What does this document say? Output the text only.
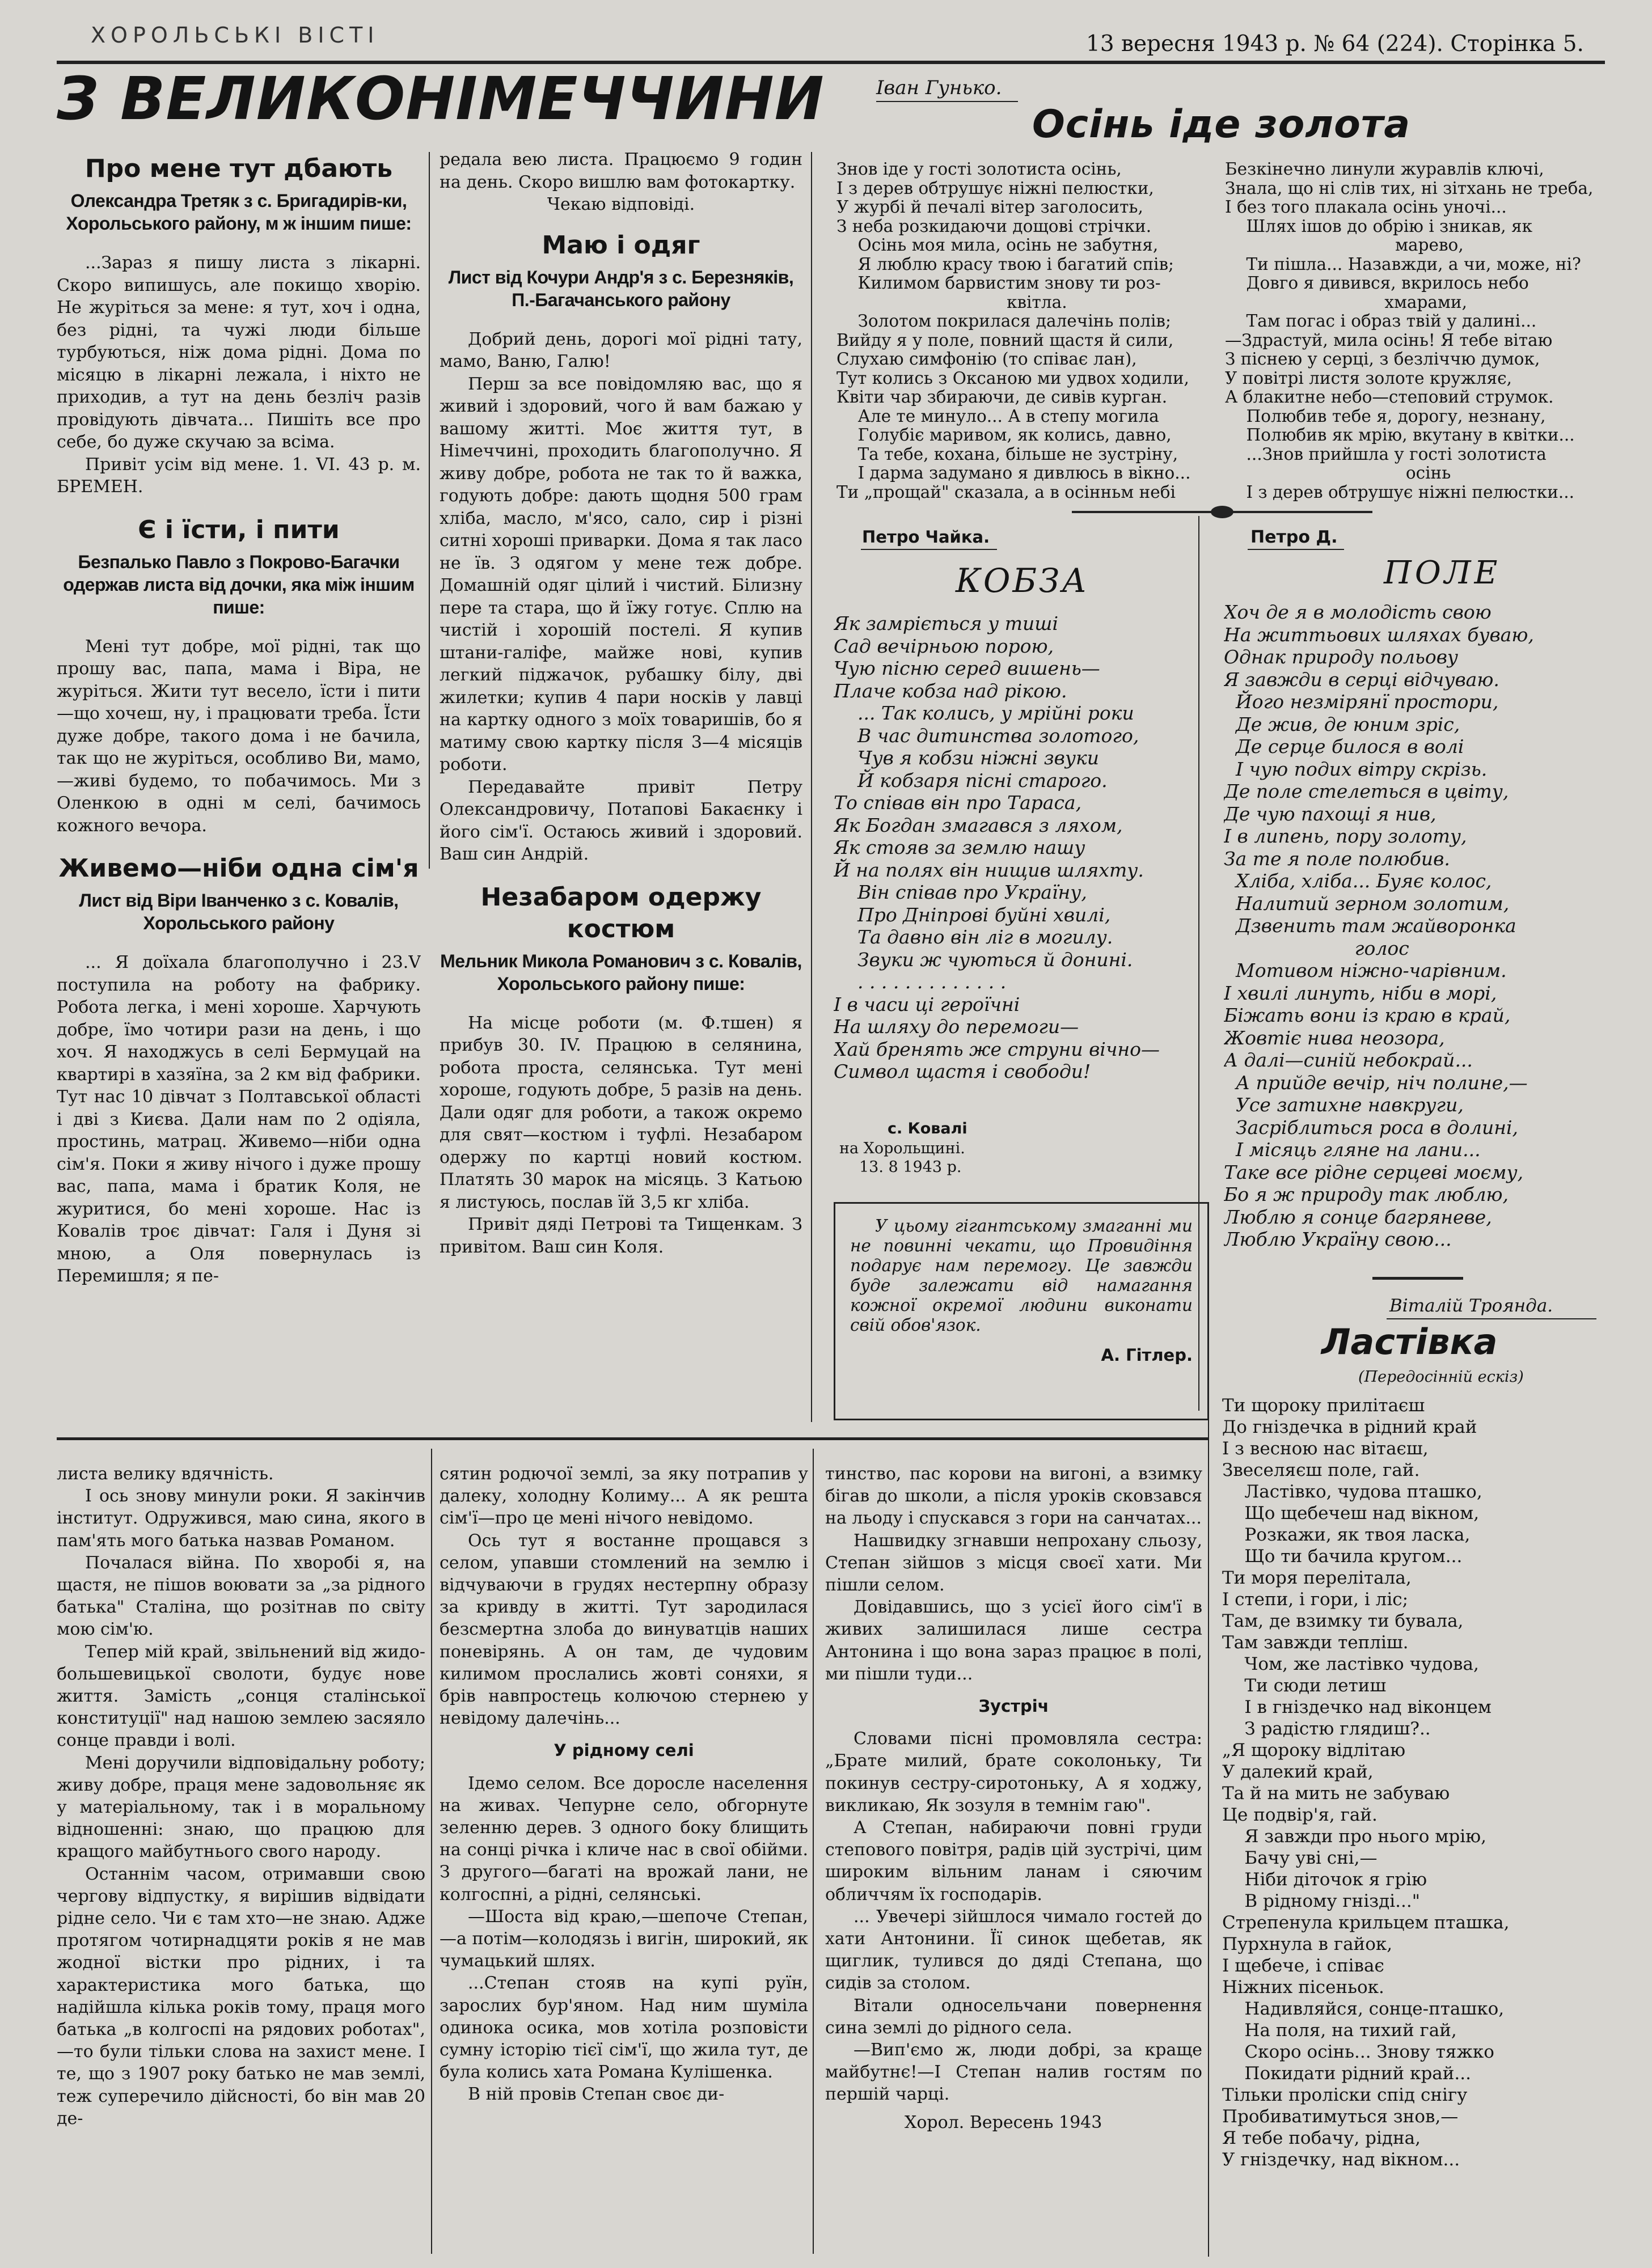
ХОРОЛЬСЬКІ ВІСТІ	13 вересня 1943 р. № 64 (224). Сторінка 5.
З ВЕЛИКОНІМЕЧЧИНИ
Про мене тут дбають
Олександра Третяк з с. Бригадирів-ки, Хорольського району, м ж іншим пише:

...Зараз я пишу листа з лікарні. Скоро випишусь, але покищо хворію. Не журіться за мене: я тут, хоч і одна, без рідні, та чужі люди більше турбуються, ніж дома рідні. Дома по місяцю в лікарні лежала, і ніхто не приходив, а тут на день безліч разів провідують дівчата... Пишіть все про себе, бо дуже скучаю за всіма.

Привіт усім від мене. 1. VI. 43 р. м. БРЕМЕН.

Є і їсти, і пити
Безпалько Павло з Покрово-Багачки одержав листа від дочки, яка між іншим пише:

Мені тут добре, мої рідні, так що прошу вас, папа, мама і Віра, не журіться. Жити тут весело, їсти і пити—що хочеш, ну, і працювати треба. Їсти дуже добре, такого дома і не бачила, так що не журіться, особливо Ви, мамо,—живі будемо, то побачимось. Ми з Оленкою в одні м селі, бачимось кожного вечора.

Живемо—ніби одна сім'я
Лист від Віри Іванченко з с. Ковалів, Хорольського району

... Я доїхала благополучно і 23.V поступила на роботу на фабрику. Робота легка, і мені хороше. Харчують добре, їмо чотири рази на день, і що хоч. Я находжусь в селі Бермуцай на квартирі в хазяїна, за 2 км від фабрики. Тут нас 10 дівчат з Полтавської області і дві з Києва. Дали нам по 2 одіяла, простинь, матрац. Живемо—ніби одна сім'я. Поки я живу нічого і дуже прошу вас, папа, мама і братик Коля, не журитися, бо мені хороше. Нас із Ковалів троє дівчат: Галя і Дуня зі мною, а Оля повернулась із Перемишля; я пе-

редала вею листа. Працюємо 9 годин на день. Скоро вишлю вам фотокартку.

Чекаю відповіді.

Маю і одяг
Лист від Кочури Андр'я з с. Березняків, П.-Багачанського району

Добрий день, дорогі мої рідні тату, мамо, Ваню, Галю!

Перш за все повідомляю вас, що я живий і здоровий, чого й вам бажаю у вашому житті. Моє життя тут, в Німеччині, проходить благополучно. Я живу добре, робота не так то й важка, годують добре: дають щодня 500 грам хліба, масло, м'ясо, сало, сир і різні ситні хороші приварки. Дома я так ласо не їв. З одягом у мене теж добре. Домашній одяг цілий і чистий. Білизну пере та стара, що й їжу готує. Сплю на чистій і хорошій постелі. Я купив штани-галіфе, майже нові, купив легкий піджачок, рубашку білу, дві жилетки; купив 4 пари носків у лавці на картку одного з моїх товаришів, бо я матиму свою картку після 3—4 місяців роботи.

Передавайте привіт Петру Олександровичу, Потапові Бакаєнку і його сім'ї. Остаюсь живий і здоровий. Ваш син Андрій.

Незабаром одержу костюм
Мельник Микола Романович з с. Ковалів, Хорольського району пише:

На місце роботи (м. Ф.тшен) я прибув 30. IV. Працюю в селянина, робота проста, селянська. Тут мені хороше, годують добре, 5 разів на день. Дали одяг для роботи, а також окремо для свят—костюм і туфлі. Незабаром одержу по картці новий костюм. Платять 30 марок на місяць. З Катьою я листуюсь, послав їй 3,5 кг хліба.

Привіт дяді Петрові та Тищенкам. З привітом. Ваш син Коля.

Іван Гунько.
Осінь іде золота
Знов іде у гості золотиста осінь,
І з дерев обтрушує ніжні пелюстки,
У журбі й печалі вітер заголосить,
З неба розкидаючи дощові стрічки.
Осінь моя мила, осінь не забутня,
Я люблю красу твою і багатий спів;
Килимом барвистим знову ти роз-
квітла.
Золотом покрилася далечінь полів;
Вийду я у поле, повний щастя й сили,
Слухаю симфонію (то співає лан),
Тут колись з Оксаною ми удвох ходили,
Квіти чар збираючи, де сивів курган.
Але те минуло... А в степу могила
Голубіє маривом, як колись, давно,
Та тебе, кохана, більше не зустріну,
І дарма задумано я дивлюсь в вікно...
Ти „прощай" сказала, а в осінньм небі
Безкінечно линули журавлів ключі,
Знала, що ні слів тих, ні зітхань не треба,
І без того плакала осінь уночі...
Шлях ішов до обрію і зникав, як
марево,
Ти пішла... Назавжди, а чи, може, ні?
Довго я дивився, вкрилось небо
хмарами,
Там погас і образ твій у далині...
—Здрастуй, мила осінь! Я тебе вітаю
З піснею у серці, з безліччю думок,
У повітрі листя золоте кружляє,
А блакитне небо—степовий струмок.
Полюбив тебе я, дорогу, незнану,
Полюбив як мрію, вкутану в квітки...
...Знов прийшла у гості золотиста
осінь
І з дерев обтрушує ніжні пелюстки...
Петро Чайка.
КОБЗА
Як замріється у тиші
Сад вечірньою порою,
Чую пісню серед вишень—
Плаче кобза над рікою.
... Так колись, у мрійні роки
В час дитинства золотого,
Чув я кобзи ніжні звуки
Й кобзаря пісні старого.
То співав він про Тараса,
Як Богдан змагався з ляхом,
Як стояв за землю нашу
Й на полях він нищив шляхту.
Він співав про Україну,
Про Дніпрові буйні хвилі,
Та давно він ліг в могилу.
Звуки ж чуються й донині.
. . . . . . . . . . . . .
І в часи ці героїчні
На шляху до перемоги—
Хай бренять же струни вічно—
Символ щастя і свободи!
с. Ковалі
на Хорольщині.
13. 8 1943 р.
У цьому гігантському змаганні ми не повинні чекати, що Провидіння подарує нам перемогу. Це завжди буде залежати від намагання кожної окремої людини виконати свій обов'язок.
А. Гітлер.
Петро Д.
ПОЛЕ
Хоч де я в молодість свою
На життьових шляхах буваю,
Однак природу польову
Я завжди в серці відчуваю.
Його незмірянї простори,
Де жив, де юним зріс,
Де серце билося в волі
І чую подих вітру скрізь.
Де поле стелеться в цвіту,
Де чую пахощі я нив,
І в липень, пору золоту,
За те я поле полюбив.
Хліба, хліба... Буяє колос,
Налитий зерном золотим,
Дзвенить там жайворонка
голос
Мотивом ніжно-чарівним.
І хвилі линуть, ніби в морі,
Біжать вони із краю в край,
Жовтіє нива неозора,
А далі—синій небокрай...
А прийде вечір, ніч полине,—
Усе затихне навкруги,
Засріблиться роса в долині,
І місяць гляне на лани...
Таке все рідне серцеві моєму,
Бо я ж природу так люблю,
Люблю я сонце багряневе,
Люблю Україну свою...
Віталій Троянда.
Ластівка
(Передосінній ескіз)
Ти щороку прилітаєш
До гніздечка в рідний край
І з весною нас вітаєш,
Звеселяєш поле, гай.
Ластівко, чудова пташко,
Що щебечеш над вікном,
Розкажи, як твоя ласка,
Що ти бачила кругом...
Ти моря перелітала,
І степи, і гори, і ліс;
Там, де взимку ти бувала,
Там завжди тепліш.
Чом, же ластівко чудова,
Ти сюди летиш
І в гніздечко над віконцем
З радістю глядиш?..
„Я щороку відлітаю
У далекий край,
Та й на мить не забуваю
Це подвір'я, гай.
Я завжди про нього мрію,
Бачу уві сні,—
Ніби діточок я грію
В рідному гнізді..."
Стрепенула крильцем пташка,
Пурхнула в гайок,
І щебече, і співає
Ніжних пісеньок.
Надивляйся, сонце-пташко,
На поля, на тихий гай,
Скоро осінь... Знову тяжко
Покидати рідний край...
Тільки проліски спід снігу
Пробиватимуться знов,—
Я тебе побачу, рідна,
У гніздечку, над вікном...

листа велику вдячність.

І ось знову минули роки. Я закінчив інститут. Одружився, маю сина, якого в пам'ять мого батька назвав Романом.

Почалася війна. По хворобі я, на щастя, не пішов воювати за „за рідного батька" Сталіна, що розітнав по світу мою сім'ю.

Тепер мій край, звільнений від жидо-большевицької сволоти, будує нове життя. Замість „сонця сталінської конституції" над нашою землею засяяло сонце правди і волі.

Мені доручили відповідальну роботу; живу добре, праця мене задовольняє як у матеріальному, так і в моральному відношенні: знаю, що працюю для кращого майбутнього свого народу.

Останнім часом, отримавши свою чергову відпустку, я вирішив відвідати рідне село. Чи є там хто—не знаю. Адже протягом чотирнадцяти років я не мав жодної вістки про рідних, і та характеристика мого батька, що надійшла кілька років тому, праця мого батька „в колгоспі на рядових роботах", —то були тільки слова на захист мене. І те, що з 1907 року батько не мав землі, теж суперечило дійсності, бо він мав 20 де-

сятин родючої землі, за яку потрапив у далеку, холодну Колиму... А як решта сім'ї—про це мені нічого невідомо.

Ось тут я востанне прощався з селом, упавши стомлений на землю і відчуваючи в грудях нестерпну образу за кривду в житті. Тут зародилася безсмертна злоба до винуватців наших поневірянь. А он там, де чудовим килимом прослались жовті соняхи, я брів навпростець колючою стернею у невідому далечінь...

У рідному селі

Ідемо селом. Все доросле населення на живах. Чепурне село, обгорнуте зеленню дерев. З одного боку блищить на сонці річка і кличе нас в свої обійми. З другого—багаті на врожай лани, не колгоспні, а рідні, селянські.

—Шоста від краю,—шепоче Степан,—а потім—колодязь і вигін, широкий, як чумацький шлях.

...Степан стояв на купі руїн, зарослих бур'яном. Над ним шуміла одинока осика, мов хотіла розповісти сумну історію тієї сім'ї, що жила тут, де була колись хата Романа Кулішенка.

В ній провів Степан своє ди-

тинство, пас корови на вигоні, а взимку бігав до школи, а після уроків сковзався на льоду і спускався з гори на санчатах...

Нашвидку згнавши непрохану сльозу, Степан зійшов з місця своєї хати. Ми пішли селом.

Довідавшись, що з усієї його сім'ї в живих залишилася лише сестра Антонина і що вона зараз працює в полі, ми пішли туди...

Зустріч

Словами пісні промовляла сестра: „Брате милий, брате соколоньку, Ти покинув сестру-сиротоньку, А я ходжу, викликаю, Як зозуля в темнім гаю".

А Степан, набираючи повні груди степового повітря, радів цій зустрічі, цим широким вільним ланам і сяючим обличчям їх господарів.

... Увечері зійшлося чимало гостей до хати Антонини. Її синок щебетав, як щиглик, тулився до дяді Степана, що сидів за столом.

Вітали односельчани повернення сина землі до рідного села.

—Вип'ємо ж, люди добрі, за краще майбутнє!—І Степан налив гостям по першій чарці.

Хорол. Вересень 1943
